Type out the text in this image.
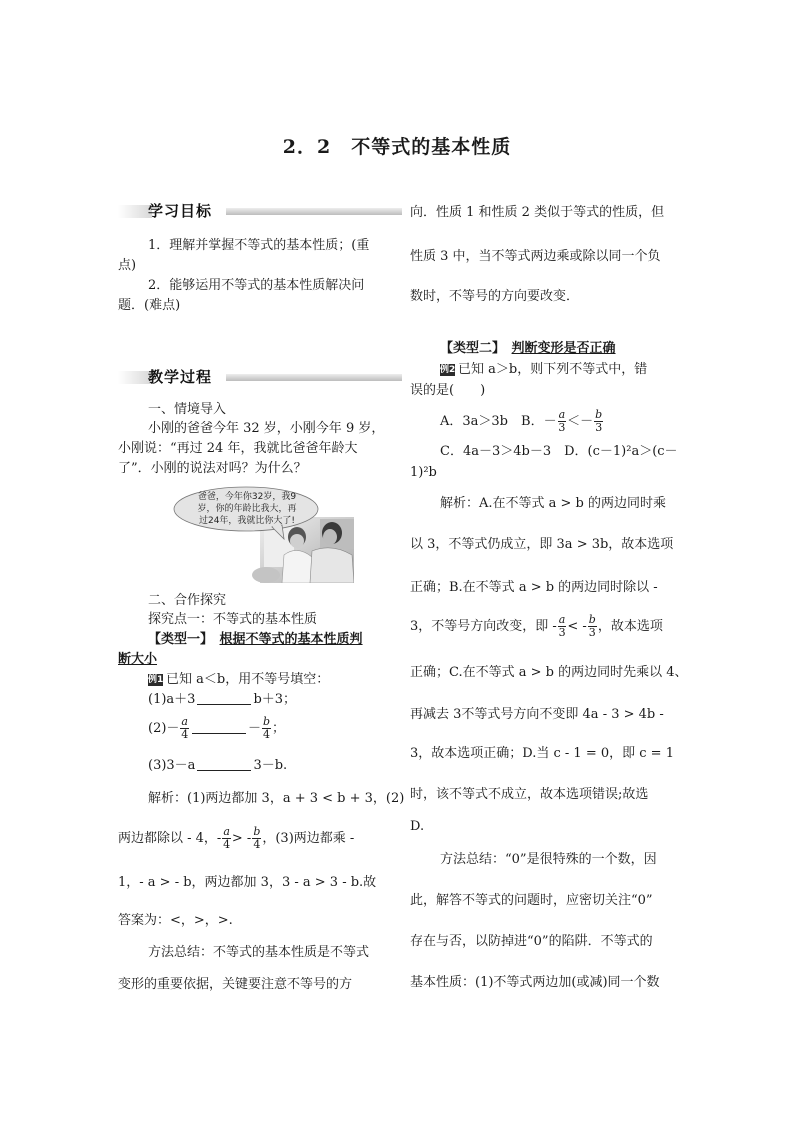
2．2　不等式的基本性质
学习目标
1．理解并掌握不等式的基本性质；(重
点)
2．能够运用不等式的基本性质解决问
题．(难点)
教学过程
一、情境导入
小刚的爸爸今年 32 岁，小刚今年 9 岁，
小刚说：“再过 24 年，我就比爸爸年龄大
了”．小刚的说法对吗？为什么？
二、合作探究
探究点一：不等式的基本性质
【类型一】　 根据不等式的基本性质判
断大小
例1 已知 a＜b，用不等号填空：
(1)a＋3	b＋3；
$(2)- \frac{a}{4}$	－ $\frac{b}{4}$ ；
(3)3－a	3－b.
解析：(1)两边都加 3，a + 3 < b + 3，(2)
两边都除以 - 4，- $\frac{a}{4}$ > - $\frac{b}{4}$ ，(3)两边都乘 -
1，- a > - b，两边都加 3，3 - a > 3 - b.故
答案为：<，>，>.
方法总结：不等式的基本性质是不等式
变形的重要依据，关键要注意不等号的方
爸爸，今年你32岁，我9
岁，你的年龄比我大，再
过24年，我就比你大了!
向．性质 1 和性质 2 类似于等式的性质，但
性质 3 中，当不等式两边乘或除以同一个负
数时，不等号的方向要改变．
【类型二】　 判断变形是否正确
例2 已知 a＞b，则下列不等式中，错
误的是(　　)
A．3a＞3b　 B．－ $\frac{a}{3} <- \frac{b}{3}$
C．4a－3＞4b－3　 D．(c－1)²a＞(c－
1)²b
解析：A.在不等式 a > b 的两边同时乘
以 3，不等式仍成立，即 3a > 3b，故本选项
正确；B.在不等式 a > b 的两边同时除以 -
3，不等号方向改变，即 - $\frac{a}{3}$ < - $\frac{b}{3}$ ，故本选项
正确；C.在不等式 a > b 的两边同时先乘以 4、
再减去 3不等式号方向不变即 4a - 3 > 4b -
3，故本选项正确；D.当 c - 1 = 0，即 c = 1
时，该不等式不成立，故本选项错误;故选
D.
方法总结：“0”是很特殊的一个数，因
此，解答不等式的问题时，应密切关注“0”
存在与否，以防掉进“0”的陷阱．不等式的
基本性质：(1)不等式两边加(或减)同一个数
